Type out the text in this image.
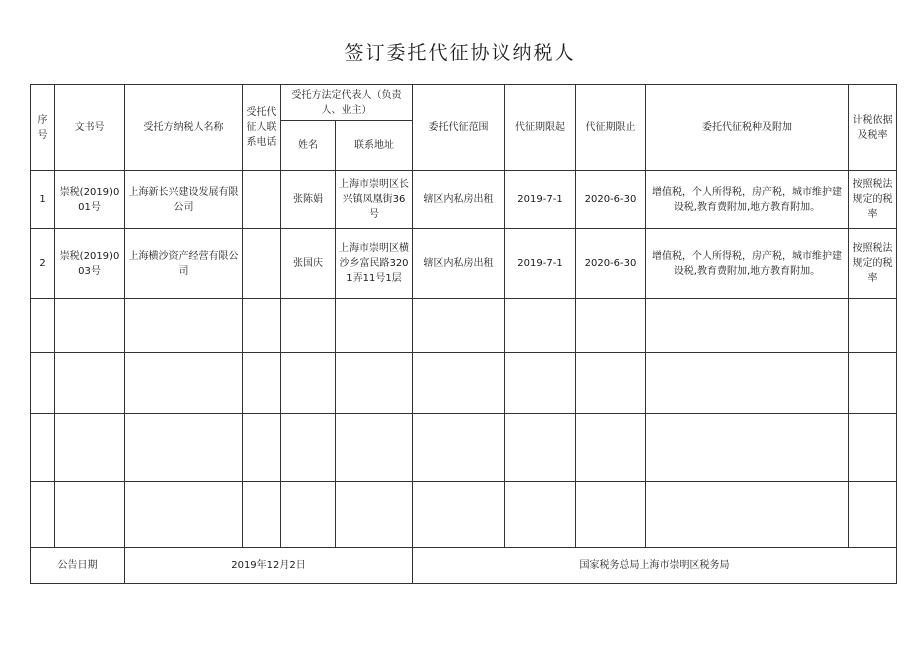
签订委托代征协议纳税人
序号	文书号	受托方纳税人名称	受托代征人联系电话	受托方法定代表人（负责人、业主）		委托代征范围	代征期限起	代征期限止	委托代征税种及附加	计税依据及税率
				姓名	联系地址					
1	崇税(2019)001号	上海新长兴建设发展有限公司		张陈娟	上海市崇明区长兴镇凤凰街36号	辖区内私房出租	2019-7-1	2020-6-30	增值税，个人所得税，房产税，城市维护建设税,教育费附加,地方教育附加。	按照税法规定的税率
2	崇税(2019)003号	上海横沙资产经营有限公司		张国庆	上海市崇明区横沙乡富民路3201弄11号1层	辖区内私房出租	2019-7-1	2020-6-30	增值税，个人所得税，房产税，城市维护建设税,教育费附加,地方教育附加。	按照税法规定的税率

公告日期		2019年12月2日				国家税务总局上海市崇明区税务局				
